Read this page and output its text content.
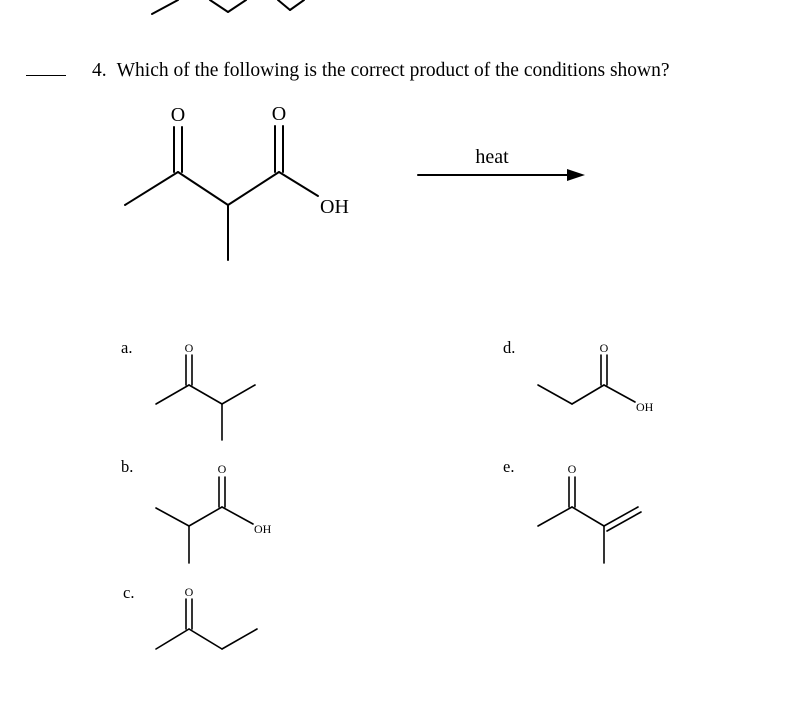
4. Which of the following is the correct product of the conditions shown?
O	O
OH
heat
a.
b.
c.
d.
e.
O
O
OH
O
O
OH
O
